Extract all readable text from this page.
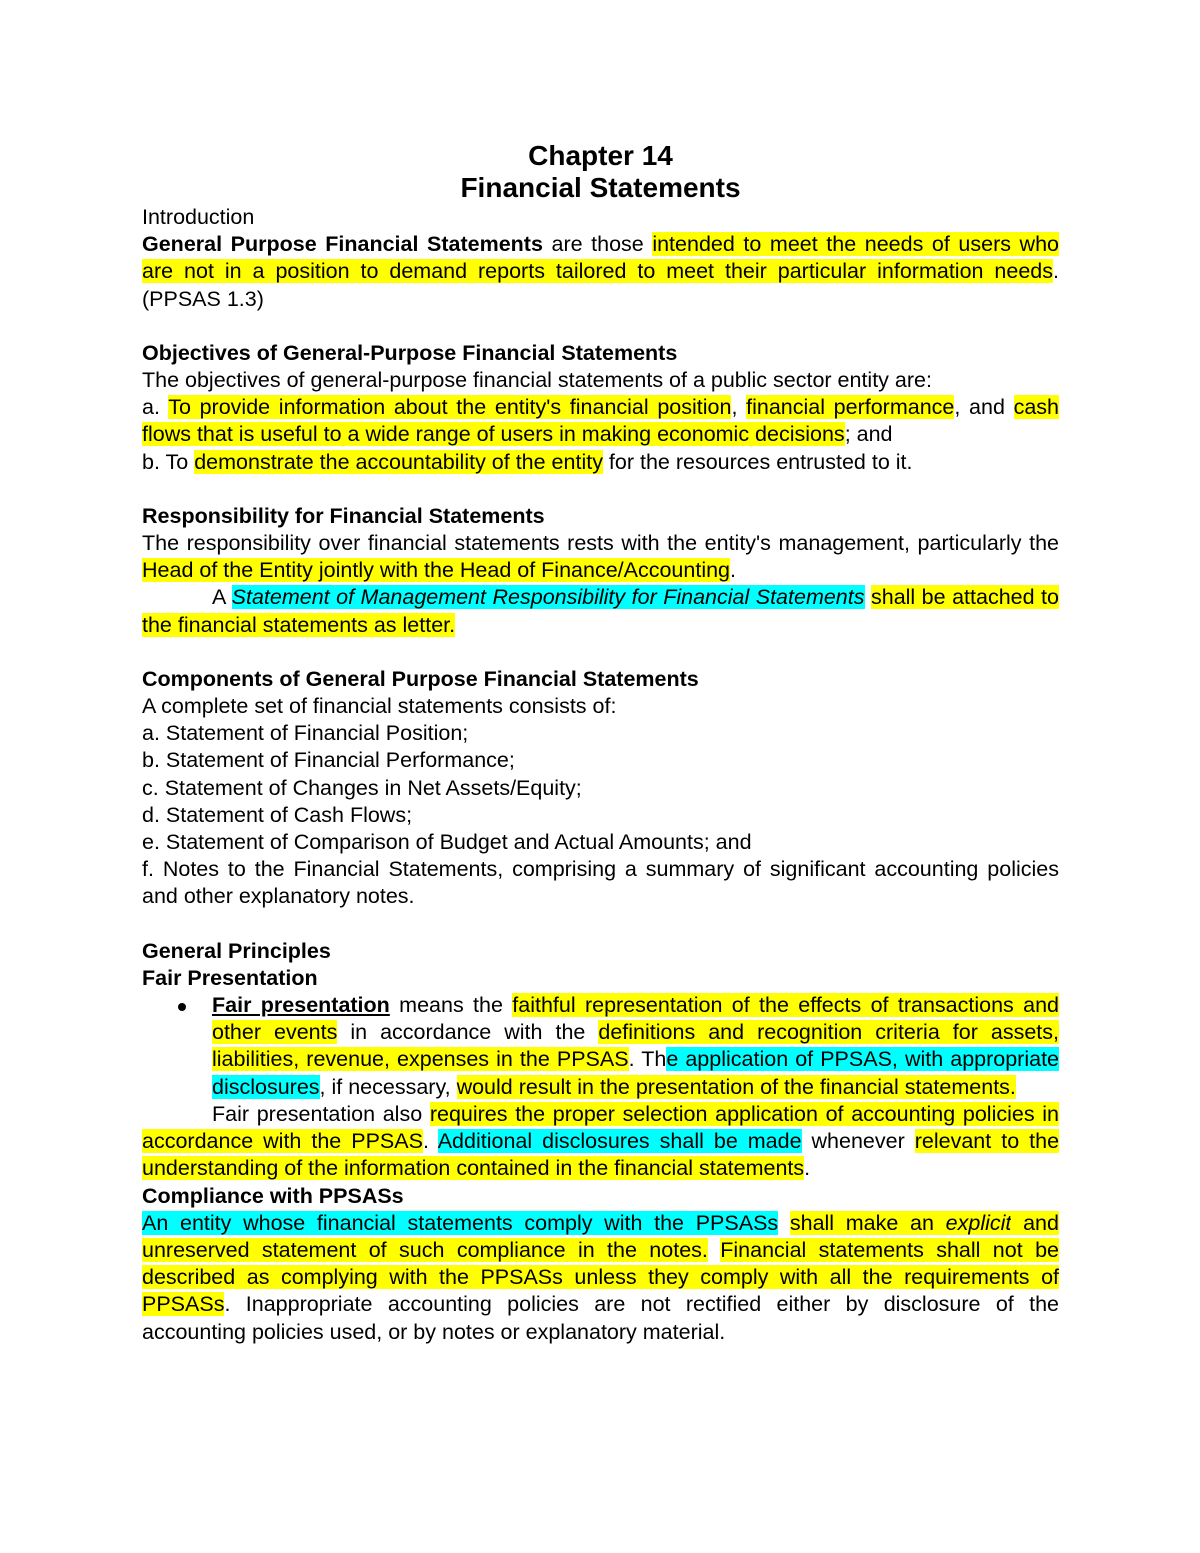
Chapter 14
Financial Statements

Introduction

General Purpose Financial Statements are those intended to meet the needs of users who are not in a position to demand reports tailored to meet their particular information needs. (PPSAS 1.3)

Objectives of General-Purpose Financial Statements

The objectives of general-purpose financial statements of a public sector entity are:

a. To provide information about the entity's financial position, financial performance, and cash flows that is useful to a wide range of users in making economic decisions; and

b. To demonstrate the accountability of the entity for the resources entrusted to it.

Responsibility for Financial Statements

The responsibility over financial statements rests with the entity's management, particularly the Head of the Entity jointly with the Head of Finance/Accounting.

A Statement of Management Responsibility for Financial Statements shall be attached to the financial statements as letter.

Components of General Purpose Financial Statements

A complete set of financial statements consists of:

a. Statement of Financial Position;

b. Statement of Financial Performance;

c. Statement of Changes in Net Assets/Equity;

d. Statement of Cash Flows;

e. Statement of Comparison of Budget and Actual Amounts; and

f. Notes to the Financial Statements, comprising a summary of significant accounting policies and other explanatory notes.

General Principles

Fair Presentation

Fair presentation means the faithful representation of the effects of transactions and other events in accordance with the definitions and recognition criteria for assets, liabilities, revenue, expenses in the PPSAS. The application of PPSAS, with appropriate disclosures, if necessary, would result in the presentation of the financial statements.

Fair presentation also requires the proper selection application of accounting policies in accordance with the PPSAS. Additional disclosures shall be made whenever relevant to the understanding of the information contained in the financial statements.

Compliance with PPSASs

An entity whose financial statements comply with the PPSASs shall make an explicit and unreserved statement of such compliance in the notes. Financial statements shall not be described as complying with the PPSASs unless they comply with all the requirements of PPSASs. Inappropriate accounting policies are not rectified either by disclosure of the accounting policies used, or by notes or explanatory material.
